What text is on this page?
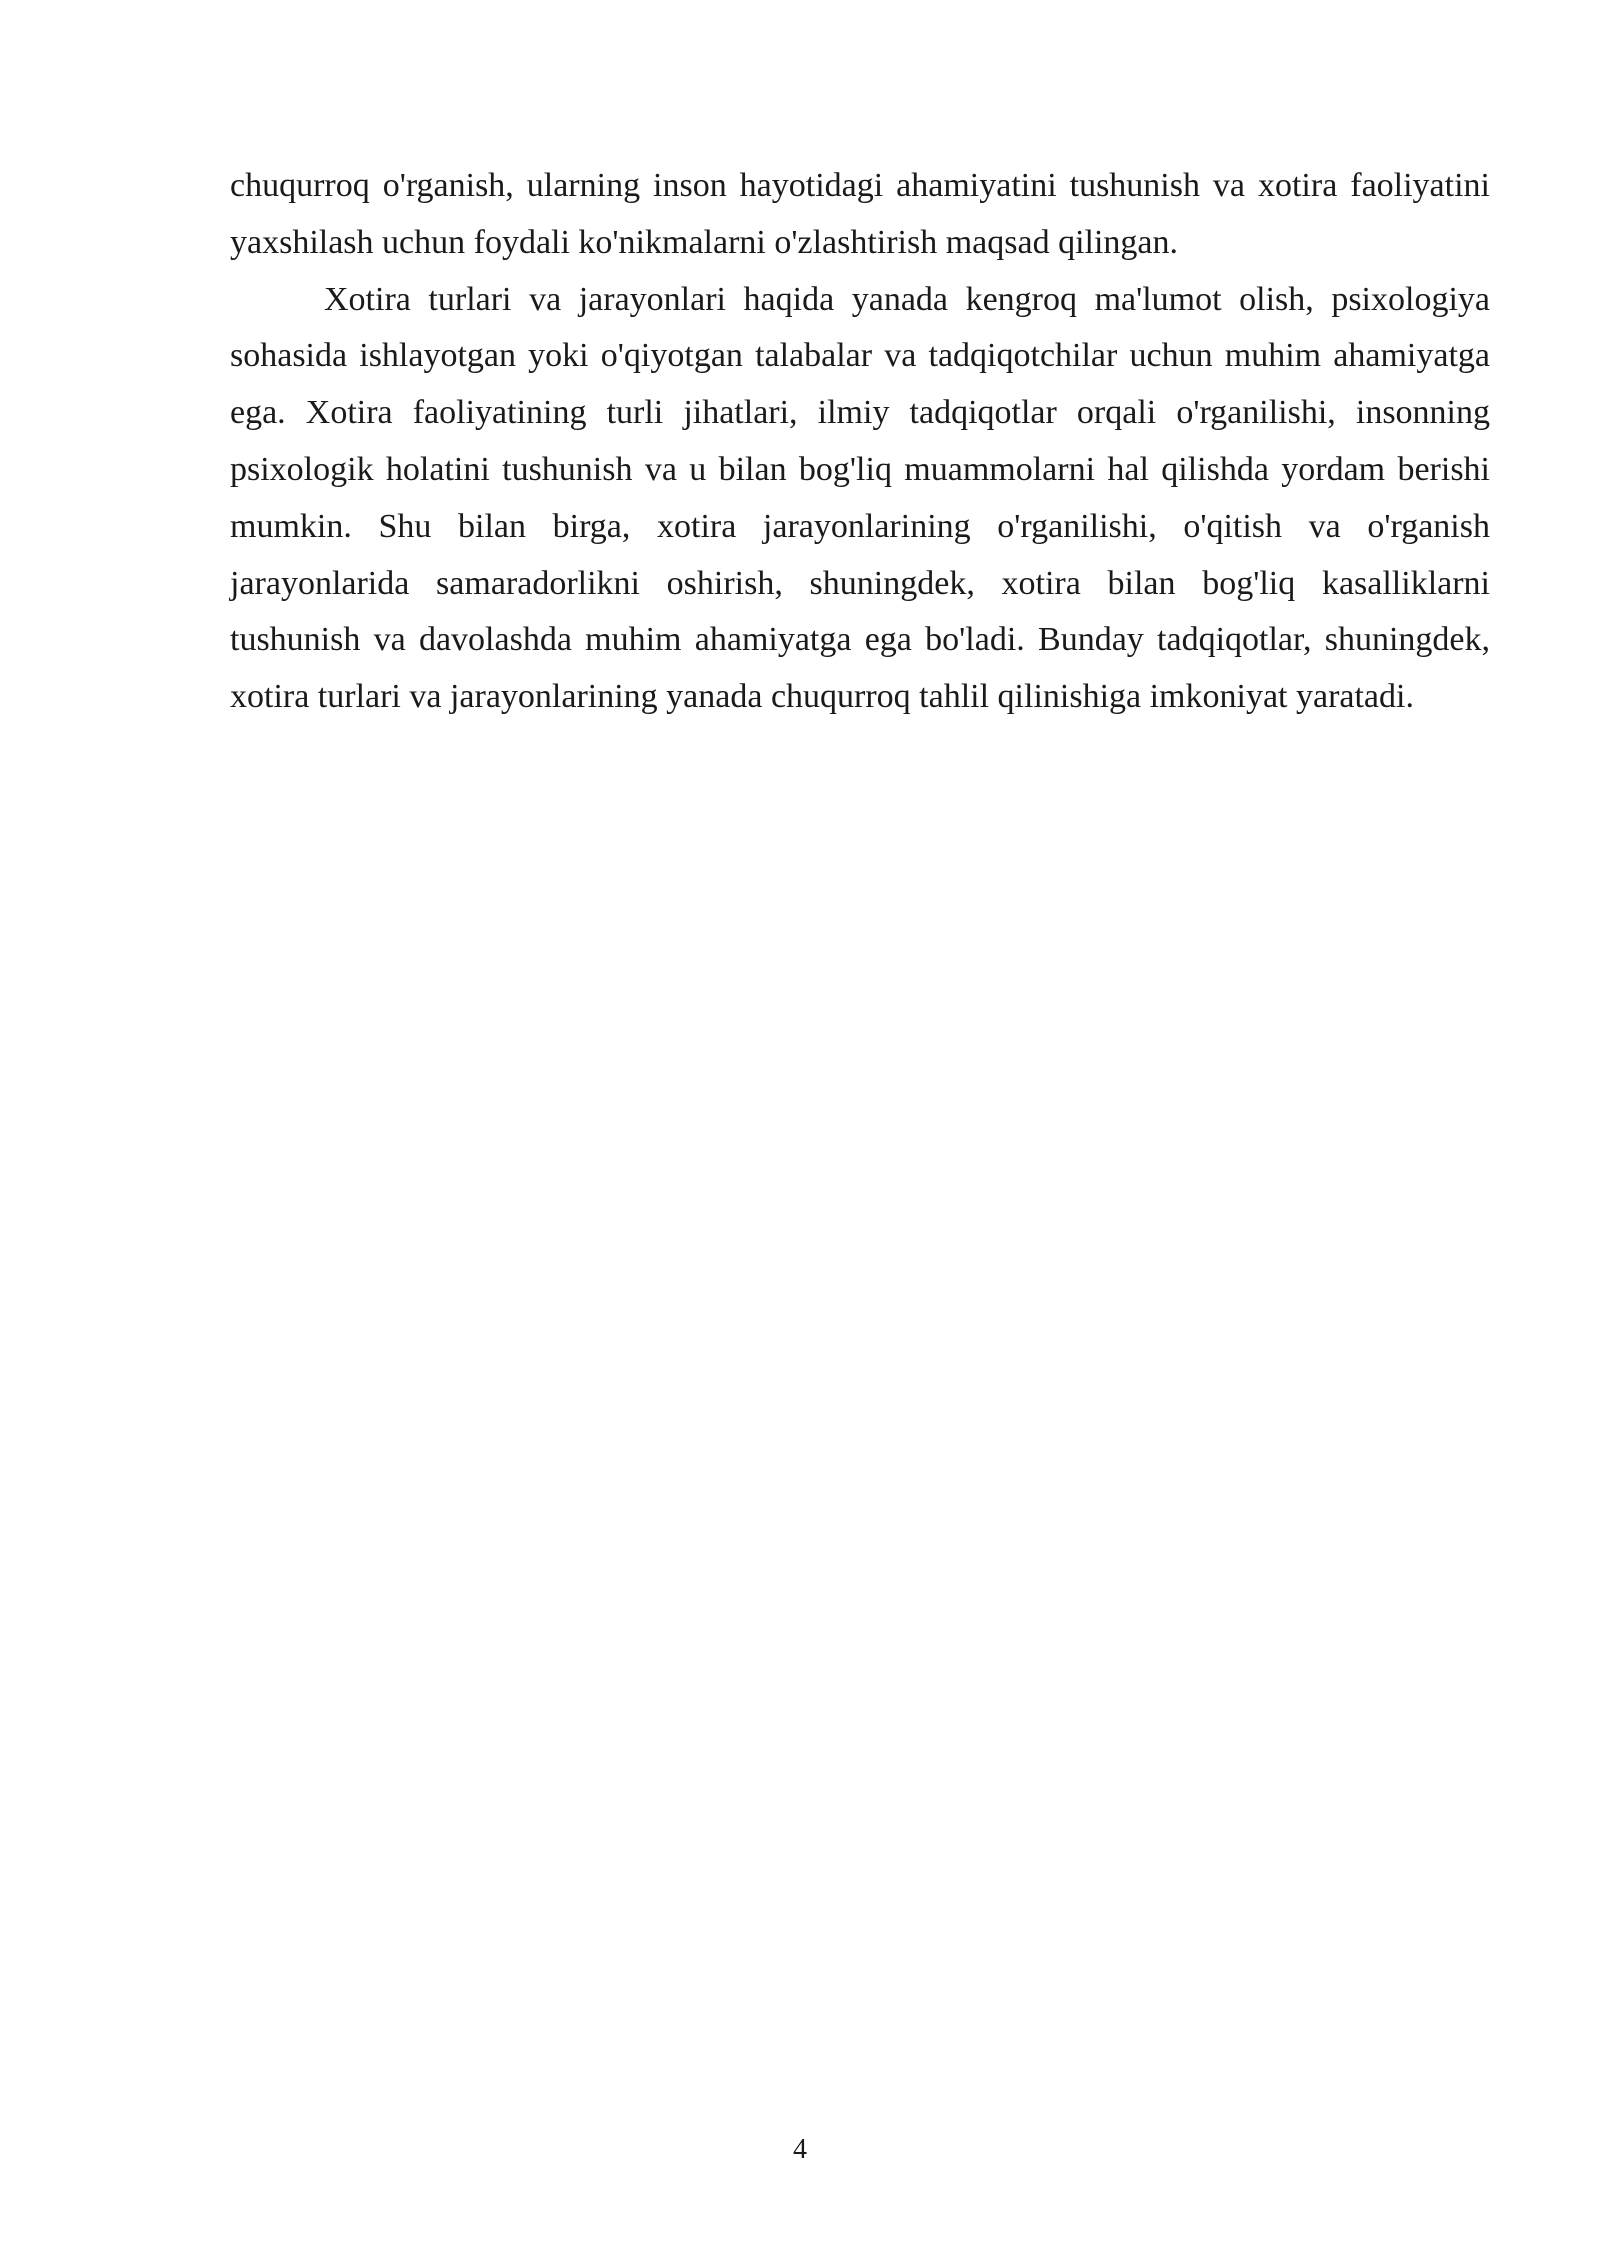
chuqurroq o'rganish, ularning inson hayotidagi ahamiyatini tushunish va xotira faoliyatini yaxshilash uchun foydali ko'nikmalarni o'zlashtirish maqsad qilingan.

Xotira turlari va jarayonlari haqida yanada kengroq ma'lumot olish, psixologiya sohasida ishlayotgan yoki o'qiyotgan talabalar va tadqiqotchilar uchun muhim ahamiyatga ega. Xotira faoliyatining turli jihatlari, ilmiy tadqiqotlar orqali o'rganilishi, insonning psixologik holatini tushunish va u bilan bog'liq muammolarni hal qilishda yordam berishi mumkin. Shu bilan birga, xotira jarayonlarining o'rganilishi, o'qitish va o'rganish jarayonlarida samaradorlikni oshirish, shuningdek, xotira bilan bog'liq kasalliklarni tushunish va davolashda muhim ahamiyatga ega bo'ladi. Bunday tadqiqotlar, shuningdek, xotira turlari va jarayonlarining yanada chuqurroq tahlil qilinishiga imkoniyat yaratadi.

4
